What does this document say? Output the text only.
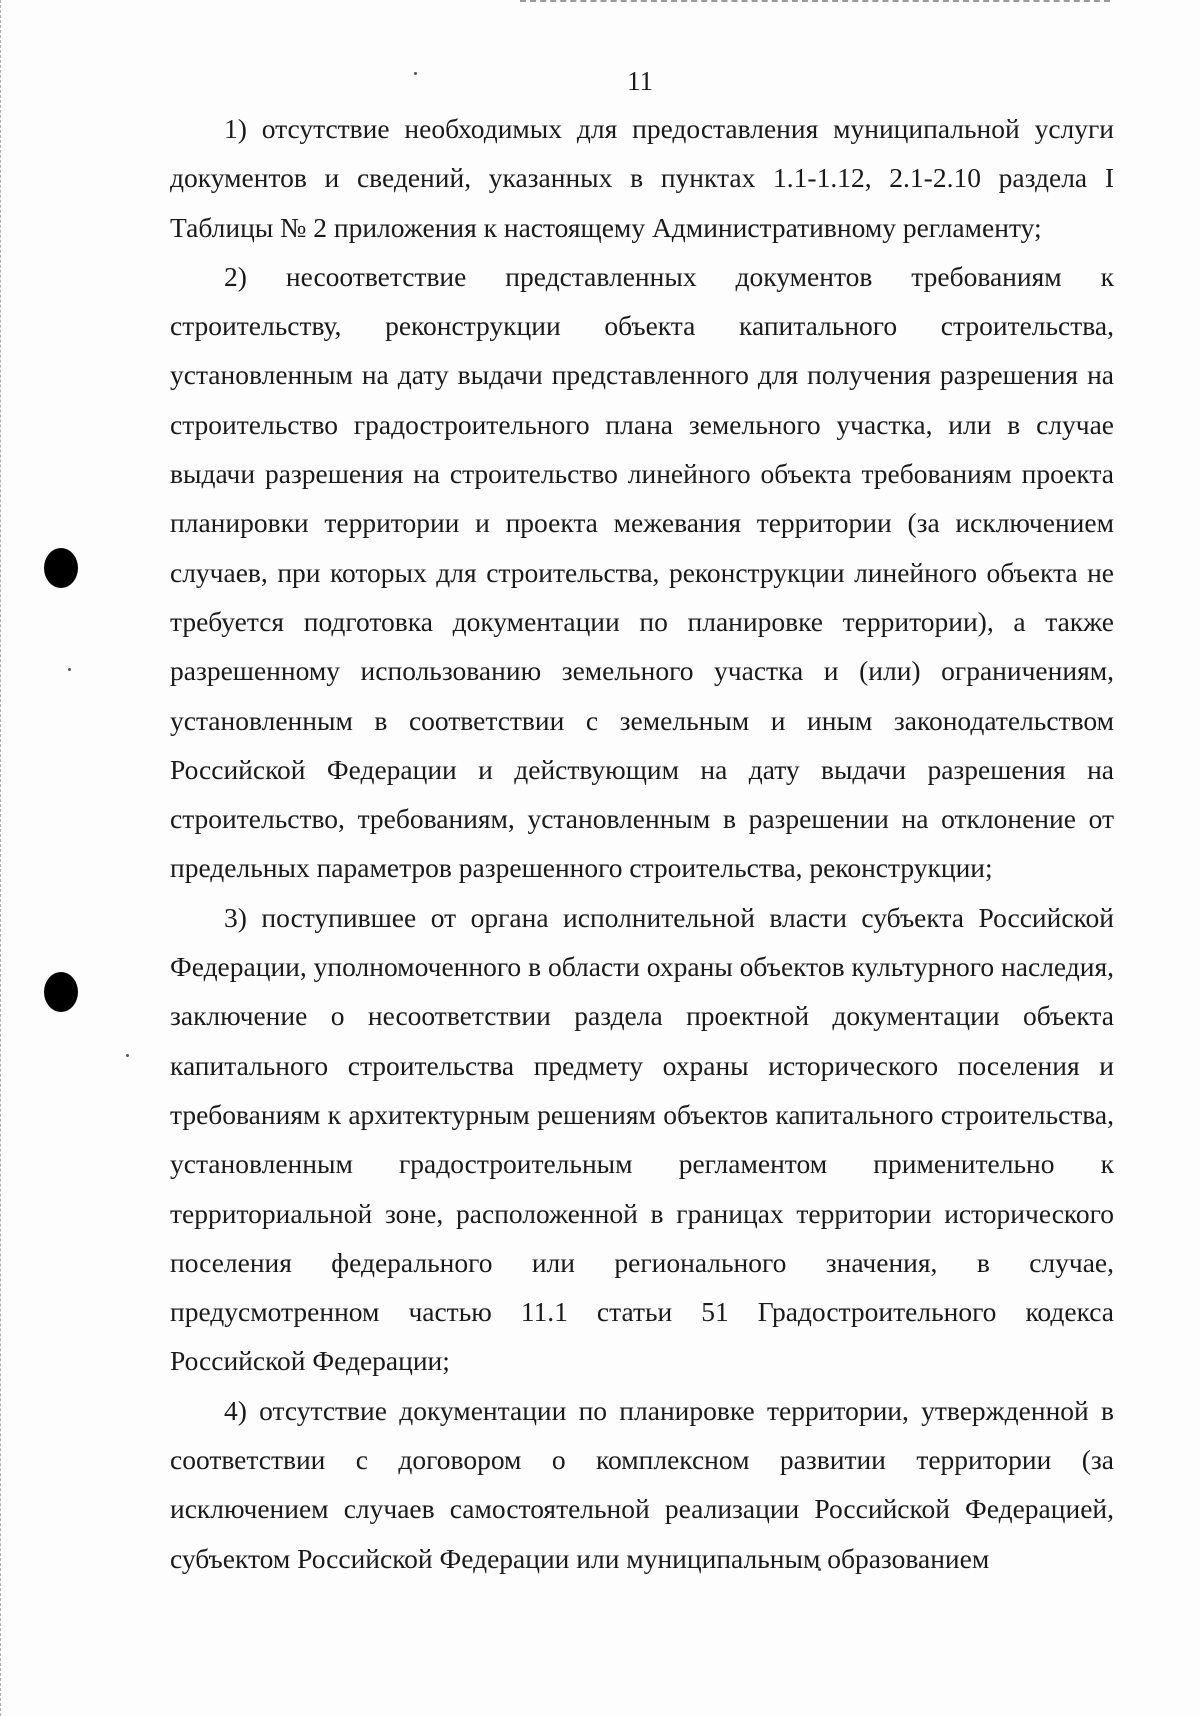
11

1) отсутствие необходимых для предоставления муниципальной услуги документов и сведений, указанных в пунктах 1.1-1.12, 2.1-2.10 раздела I Таблицы № 2 приложения к настоящему Административному регламенту;

2) несоответствие представленных документов требованиям к строительству, реконструкции объекта капитального строительства, установленным на дату выдачи представленного для получения разрешения на строительство градостроительного плана земельного участка, или в случае выдачи разрешения на строительство линейного объекта требованиям проекта планировки территории и проекта межевания территории (за исключением случаев, при которых для строительства, реконструкции линейного объекта не требуется подготовка документации по планировке территории), а также разрешенному использованию земельного участка и (или) ограничениям, установленным в соответствии с земельным и иным законодательством Российской Федерации и действующим на дату выдачи разрешения на строительство, требованиям, установленным в разрешении на отклонение от предельных параметров разрешенного строительства, реконструкции;

3) поступившее от органа исполнительной власти субъекта Российской Федерации, уполномоченного в области охраны объектов культурного наследия, заключение о несоответствии раздела проектной документации объекта капитального строительства предмету охраны исторического поселения и требованиям к архитектурным решениям объектов капитального строительства, установленным градостроительным регламентом применительно к территориальной зоне, расположенной в границах территории исторического поселения федерального или регионального значения, в случае, предусмотренном частью 11.1 статьи 51 Градостроительного кодекса Российской Федерации;

4) отсутствие документации по планировке территории, утвержденной в соответствии с договором о комплексном развитии территории (за исключением случаев самостоятельной реализации Российской Федерацией, субъектом Российской Федерации или муниципальным образованием
